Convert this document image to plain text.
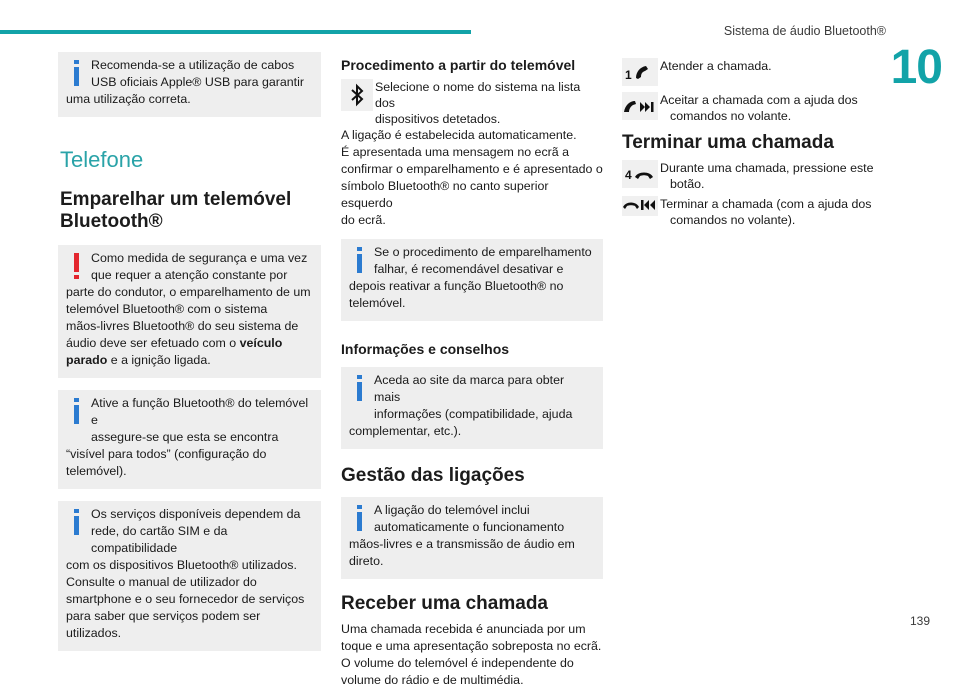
Sistema de áudio Bluetooth®
10

Recomenda-se a utilização de cabos

USB oficiais Apple® USB para garantir

uma utilização correta.

Telefone
Emparelhar um telemóvel
Bluetooth®

Como medida de segurança e uma vez

que requer a atenção constante por

parte do condutor, o emparelhamento de um

telemóvel Bluetooth® com o sistema

mãos-livres Bluetooth® do seu sistema de

áudio deve ser efetuado com o veículo

parado e a ignição ligada.

Ative a função Bluetooth® do telemóvel e

assegure-se que esta se encontra

“visível para todos” (configuração do

telemóvel).

Os serviços disponíveis dependem da

rede, do cartão SIM e da compatibilidade

com os dispositivos Bluetooth® utilizados.

Consulte o manual de utilizador do

smartphone e o seu fornecedor de serviços

para saber que serviços podem ser utilizados.

Procedimento a partir do telemóvel
Selecione o nome do sistema na lista dos
dispositivos detetados.
A ligação é estabelecida automaticamente.
É apresentada uma mensagem no ecrã a
confirmar o emparelhamento e é apresentado o
símbolo Bluetooth® no canto superior esquerdo
do ecrã.

Se o procedimento de emparelhamento

falhar, é recomendável desativar e

depois reativar a função Bluetooth® no

telemóvel.

Informações e conselhos

Aceda ao site da marca para obter mais

informações (compatibilidade, ajuda

complementar, etc.).

Gestão das ligações

A ligação do telemóvel inclui

automaticamente o funcionamento

mãos-livres e a transmissão de áudio em

direto.

Receber uma chamada
Uma chamada recebida é anunciada por um
toque e uma apresentação sobreposta no ecrã.
O volume do telemóvel é independente do
volume do rádio e de multimédia.
1
Atender a chamada.
Aceitar a chamada com a ajuda dos
comandos no volante.
Terminar uma chamada
4 Durante uma chamada, pressione este
botão.
Terminar a chamada (com a ajuda dos
comandos no volante).
139
